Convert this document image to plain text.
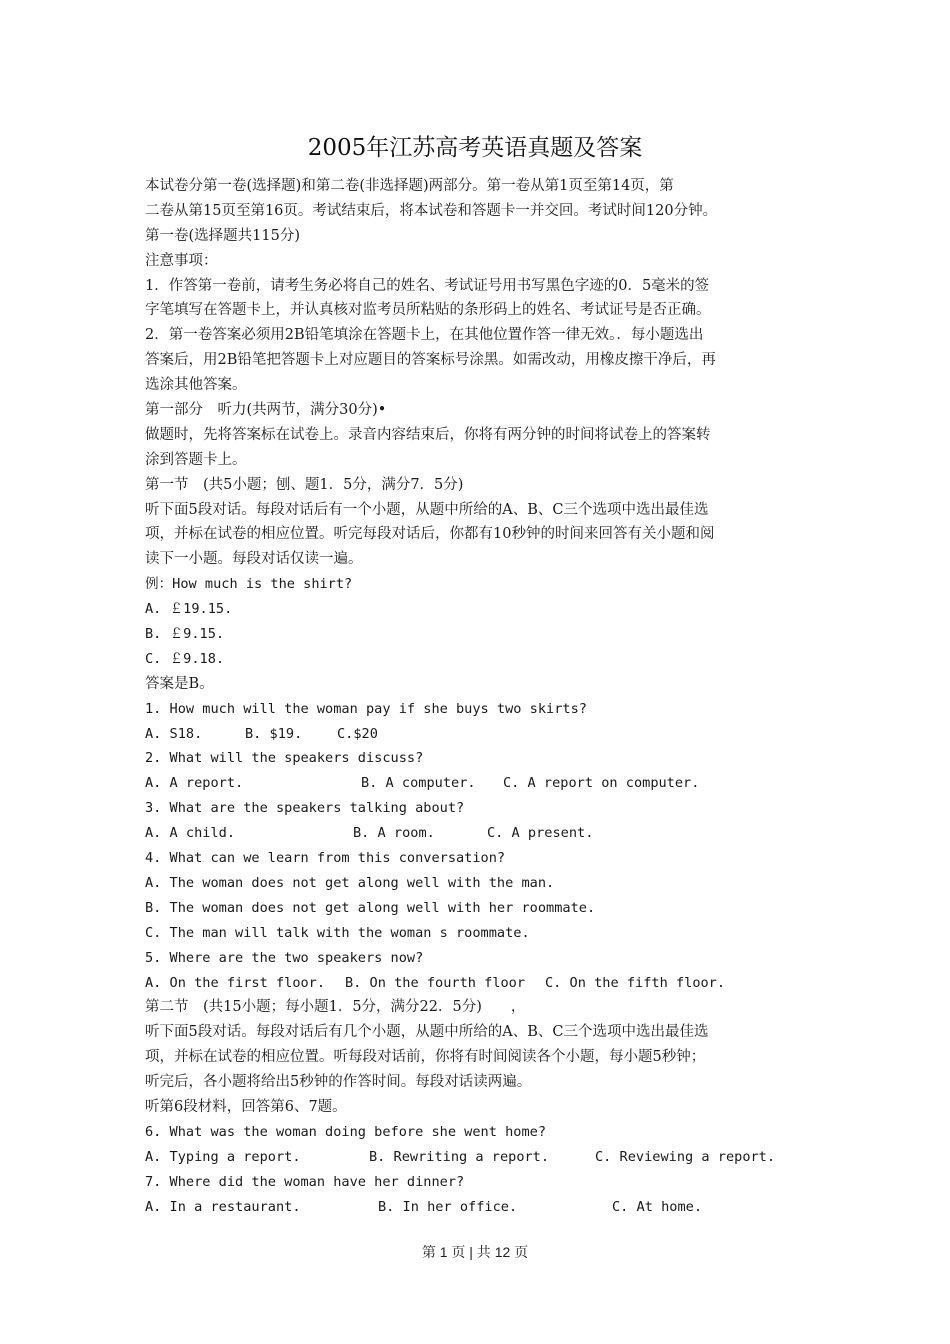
2005年江苏高考英语真题及答案
本试卷分第一卷(选择题)和第二卷(非选择题)两部分。第一卷从第1页至第14页，第
二卷从第15页至第16页。考试结束后，将本试卷和答题卡一并交回。考试时间120分钟。
第一卷(选择题共115分)
注意事项：
1．作答第一卷前，请考生务必将自己的姓名、考试证号用书写黑色字迹的0．5毫米的签
字笔填写在答题卡上，并认真核对监考员所粘贴的条形码上的姓名、考试证号是否正确。
2．第一卷答案必须用2B铅笔填涂在答题卡上，在其他位置作答一律无效。．每小题选出
答案后，用2B铅笔把答题卡上对应题目的答案标号涂黑。如需改动，用橡皮擦干净后，再
选涂其他答案。
第一部分　听力(共两节，满分30分)•
做题时，先将答案标在试卷上。录音内容结束后，你将有两分钟的时间将试卷上的答案转
涂到答题卡上。
第一节　(共5小题；刨、题1．5分，满分7．5分)
听下面5段对话。每段对话后有一个小题，从题中所给的A、B、C三个选项中选出最佳选
项，并标在试卷的相应位置。听完每段对话后，你都有10秒钟的时间来回答有关小题和阅
读下一小题。每段对话仅读一遍。
例：How much is the shirt?
A. ￡19.15.
B. ￡9.15.
C. ￡9.18.
答案是B。
1. How much will the woman pay if she buys two skirts?

A. S18.

	B. $19.

	C.$20

2. What will the speakers discuss?

A. A report.

	B. A computer.

C. A report on computer.

3. What are the speakers talking about?

A. A child.

	B. A room.

	C. A present.

4. What can we learn from this conversation?
A. The woman does not get along well with the man.
B. The woman does not get along well with her roommate.
C. The man will talk with the woman s roommate.
5. Where are the two speakers now?

A. On the first floor.

B. On the fourth floor

C. On the fifth floor.

第二节　(共15小题；每小题1．5分，满分22．5分)　　，
听下面5段对话。每段对话后有几个小题，从题中所给的A、B、C三个选项中选出最佳选
项，并标在试卷的相应位置。听每段对话前，你将有时间阅读各个小题，每小题5秒钟；
听完后，各小题将给出5秒钟的作答时间。每段对话读两遍。
听第6段材料，回答第6、7题。
6. What was the woman doing before she went home?

A. Typing a report.

	B. Rewriting a report.

	C. Reviewing a report.

7. Where did the woman have her dinner?

A. In a restaurant.

	B. In her office.

	C. At home.

第 1 页 | 共 12 页
